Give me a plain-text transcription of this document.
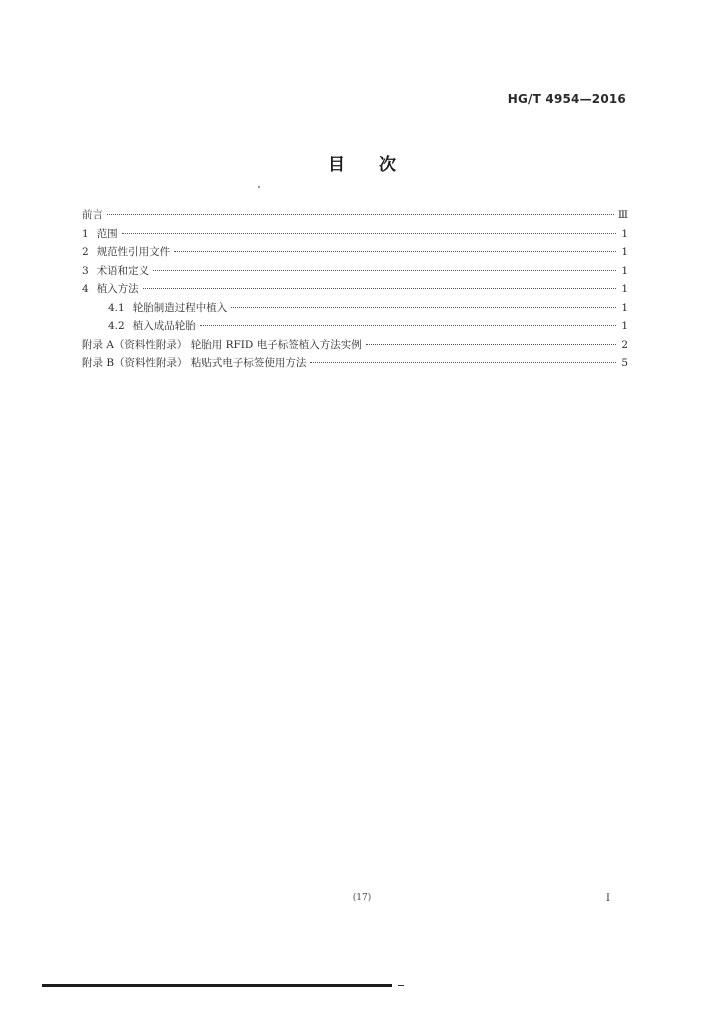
HG/T 4954—2016
目次
前言	Ⅲ
1 范围	1
2 规范性引用文件	1
3 术语和定义	1
4 植入方法	1
4.1 轮胎制造过程中植入	1
4.2 植入成品轮胎	1
附录 A（资料性附录） 轮胎用 RFID 电子标签植入方法实例	2
附录 B（资料性附录） 粘贴式电子标签使用方法	5
(17)	I
